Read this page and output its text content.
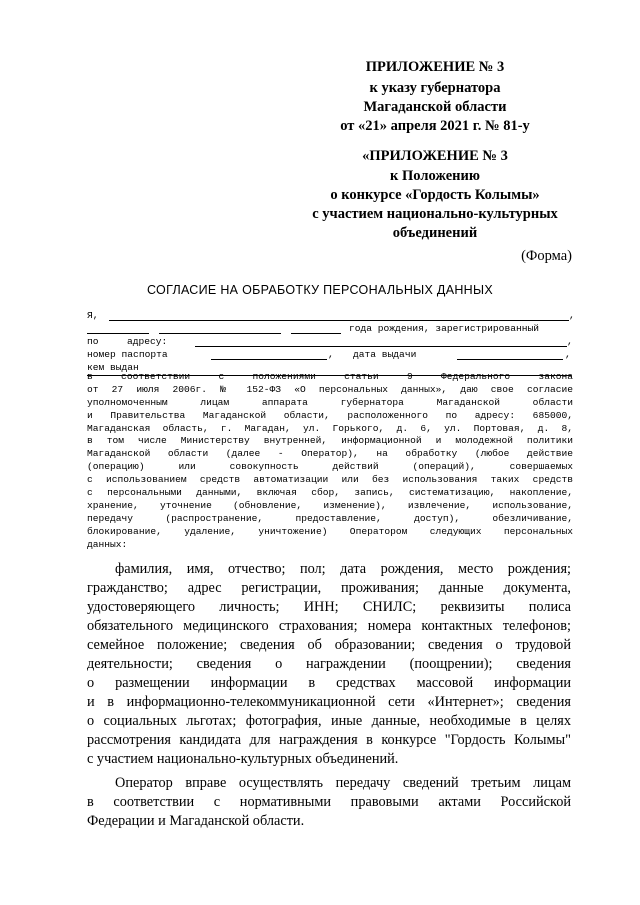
ПРИЛОЖЕНИЕ № 3
к указу губернатора
Магаданской области
от «21» апреля 2021 г. № 81-у
«ПРИЛОЖЕНИЕ № 3
к Положению
о конкурсе «Гордость Колымы»
с участием национально-культурных
объединений
(Форма)
СОГЛАСИЕ НА ОБРАБОТКУ ПЕРСОНАЛЬНЫХ ДАННЫХ
Я,	,
года рождения, зарегистрированный
по	адресу:	,
номер паспорта	, дата выдачи	,
кем выдан
в соответствии с положениями статьи 9 Федерального закона
от 27 июля 2006г. № 152-ФЗ «О персональных данных», даю свое согласие
уполномоченным лицам аппарата губернатора Магаданской области
и Правительства Магаданской области, расположенного по адресу: 685000,
Магаданская область, г. Магадан, ул. Горького, д. 6, ул. Портовая, д. 8,
в том числе Министерству внутренней, информационной и молодежной политики
Магаданской области (далее - Оператор), на обработку (любое действие
(операцию) или совокупность действий (операций), совершаемых
с использованием средств автоматизации или без использования таких средств
с персональными данными, включая сбор, запись, систематизацию, накопление,
хранение, уточнение (обновление, изменение), извлечение, использование,
передачу (распространение, предоставление, доступ), обезличивание,
блокирование, удаление, уничтожение) Оператором следующих персональных
данных:
фамилия, имя, отчество; пол; дата рождения, место рождения;
гражданство; адрес регистрации, проживания; данные документа,
удостоверяющего личность; ИНН; СНИЛС; реквизиты полиса
обязательного медицинского страхования; номера контактных телефонов;
семейное положение; сведения об образовании; сведения о трудовой
деятельности; сведения о награждении (поощрении); сведения
о размещении информации в средствах массовой информации
и в информационно-телекоммуникационной сети «Интернет»; сведения
о социальных льготах; фотография, иные данные, необходимые в целях
рассмотрения кандидата для награждения в конкурсе "Гордость Колымы"
с участием национально-культурных объединений.
Оператор вправе осуществлять передачу сведений третьим лицам
в соответствии с нормативными правовыми актами Российской
Федерации и Магаданской области.
